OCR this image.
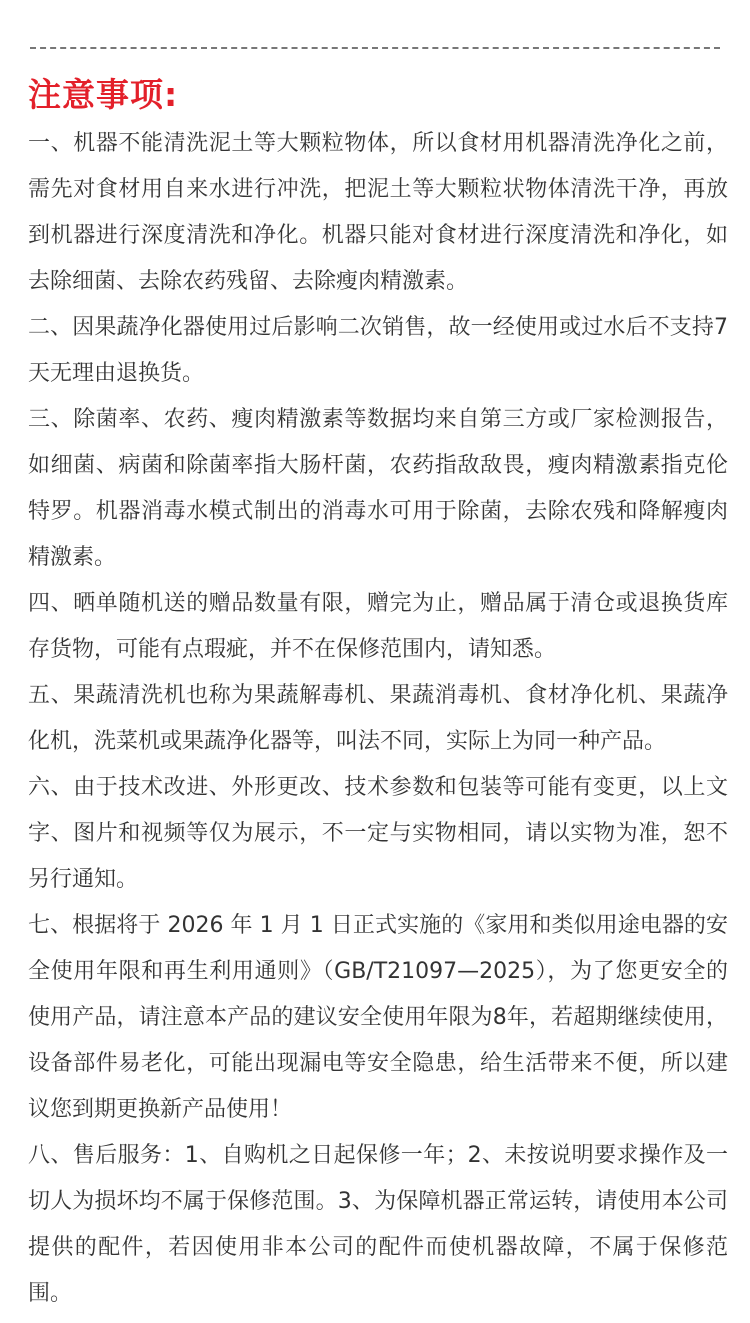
注意事项:

一、机器不能清洗泥土等大颗粒物体，所以食材用机器清洗净化之前，需先对食材用自来水进行冲洗，把泥土等大颗粒状物体清洗干净，再放到机器进行深度清洗和净化。机器只能对食材进行深度清洗和净化，如去除细菌、去除农药残留、去除瘦肉精激素。

二、因果蔬净化器使用过后影响二次销售，故一经使用或过水后不支持7天无理由退换货。

三、除菌率、农药、瘦肉精激素等数据均来自第三方或厂家检测报告，如细菌、病菌和除菌率指大肠杆菌，农药指敌敌畏，瘦肉精激素指克伦特罗。机器消毒水模式制出的消毒水可用于除菌，去除农残和降解瘦肉精激素。

四、晒单随机送的赠品数量有限，赠完为止，赠品属于清仓或退换货库存货物，可能有点瑕疵，并不在保修范围内，请知悉。

五、果蔬清洗机也称为果蔬解毒机、果蔬消毒机、食材净化机、果蔬净化机，洗菜机或果蔬净化器等，叫法不同，实际上为同一种产品。

六、由于技术改进、外形更改、技术参数和包装等可能有变更，以上文字、图片和视频等仅为展示，不一定与实物相同，请以实物为准，恕不另行通知。

七、根据将于 2026 年 1 月 1 日正式实施的《家用和类似用途电器的安全使用年限和再生利用通则》（GB/T21097—2025），为了您更安全的使用产品，请注意本产品的建议安全使用年限为8年，若超期继续使用，设备部件易老化，可能出现漏电等安全隐患，给生活带来不便，所以建议您到期更换新产品使用！

八、售后服务：1、自购机之日起保修一年；2、未按说明要求操作及一切人为损坏均不属于保修范围。3、为保障机器正常运转，请使用本公司提供的配件，若因使用非本公司的配件而使机器故障，不属于保修范围。
